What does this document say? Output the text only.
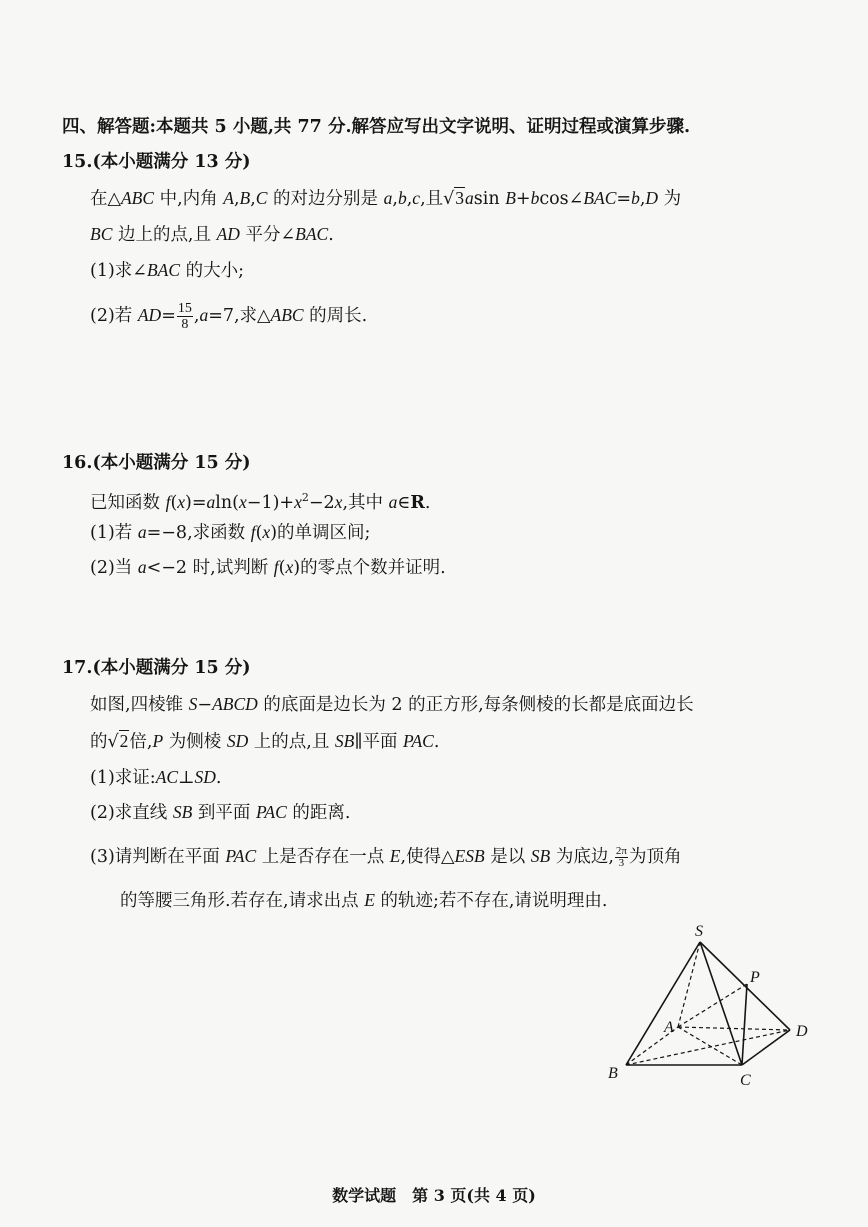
四、解答题:本题共 5 小题,共 77 分.解答应写出文字说明、证明过程或演算步骤.
15.(本小题满分 13 分)
在△ABC 中,内角 A,B,C 的对边分别是 a,b,c,且√3asin B+bcos∠BAC=b,D 为
BC 边上的点,且 AD 平分∠BAC.
(1)求∠BAC 的大小;
(2)若 $AD= \frac{15}{8} ,a=7$,求△ABC 的周长.
16.(本小题满分 15 分)
已知函数 $f(x)=aln(x-1)+x^2-2x$,其中 a∈R.
(1)若 a=−8,求函数 f(x)的单调区间;
(2)当 a<−2 时,试判断 f(x)的零点个数并证明.
17.(本小题满分 15 分)
如图,四棱锥 S−ABCD 的底面是边长为 2 的正方形,每条侧棱的长都是底面边长
的√2倍,P 为侧棱 SD 上的点,且 SB∥平面 PAC.
(1)求证:AC⊥SD.
(2)求直线 SB 到平面 PAC 的距离.
(3)请判断在平面 PAC 上是否存在一点 E,使得△ESB 是以 SB 为底边, $\frac{2\pi}{3}$ 为顶角
的等腰三角形.若存在,请求出点 E 的轨迹;若不存在,请说明理由.
S
P
A	D
B	C
数学试题　第 3 页(共 4 页)
